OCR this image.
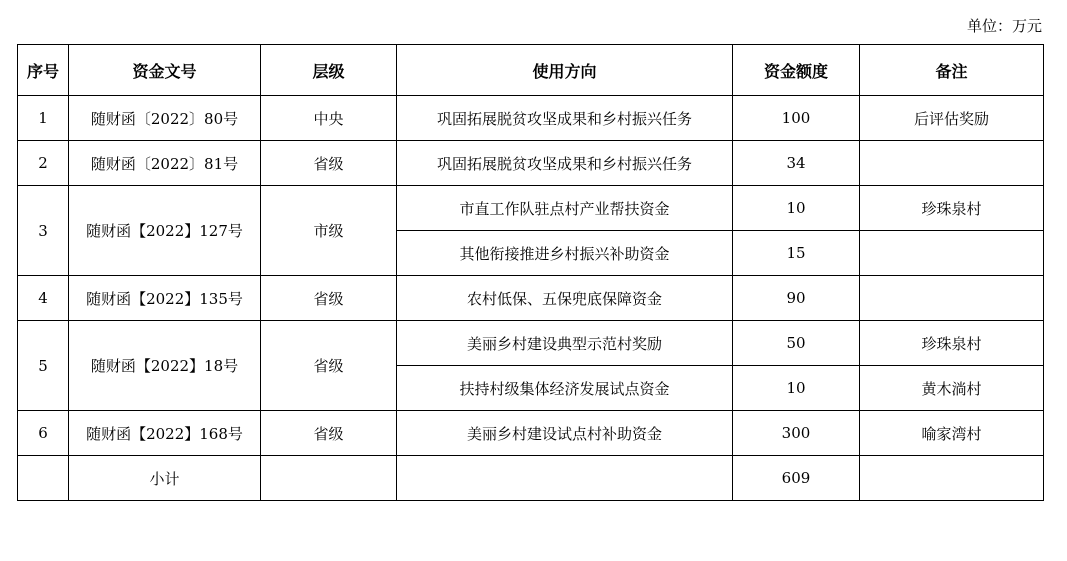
单位：万元
序号	资金文号	层级	使用方向	资金额度	备注
1	随财函〔2022〕80号	中央	巩固拓展脱贫攻坚成果和乡村振兴任务	100	后评估奖励
2	随财函〔2022〕81号	省级	巩固拓展脱贫攻坚成果和乡村振兴任务	34	
3	随财函【2022】127号	市级	市直工作队驻点村产业帮扶资金	10	珍珠泉村
			其他衔接推进乡村振兴补助资金	15	
4	随财函【2022】135号	省级	农村低保、五保兜底保障资金	90	
5	随财函【2022】18号	省级	美丽乡村建设典型示范村奖励	50	珍珠泉村
			扶持村级集体经济发展试点资金	10	黄木淌村
6	随财函【2022】168号	省级	美丽乡村建设试点村补助资金	300	喻家湾村
	小计			609	
